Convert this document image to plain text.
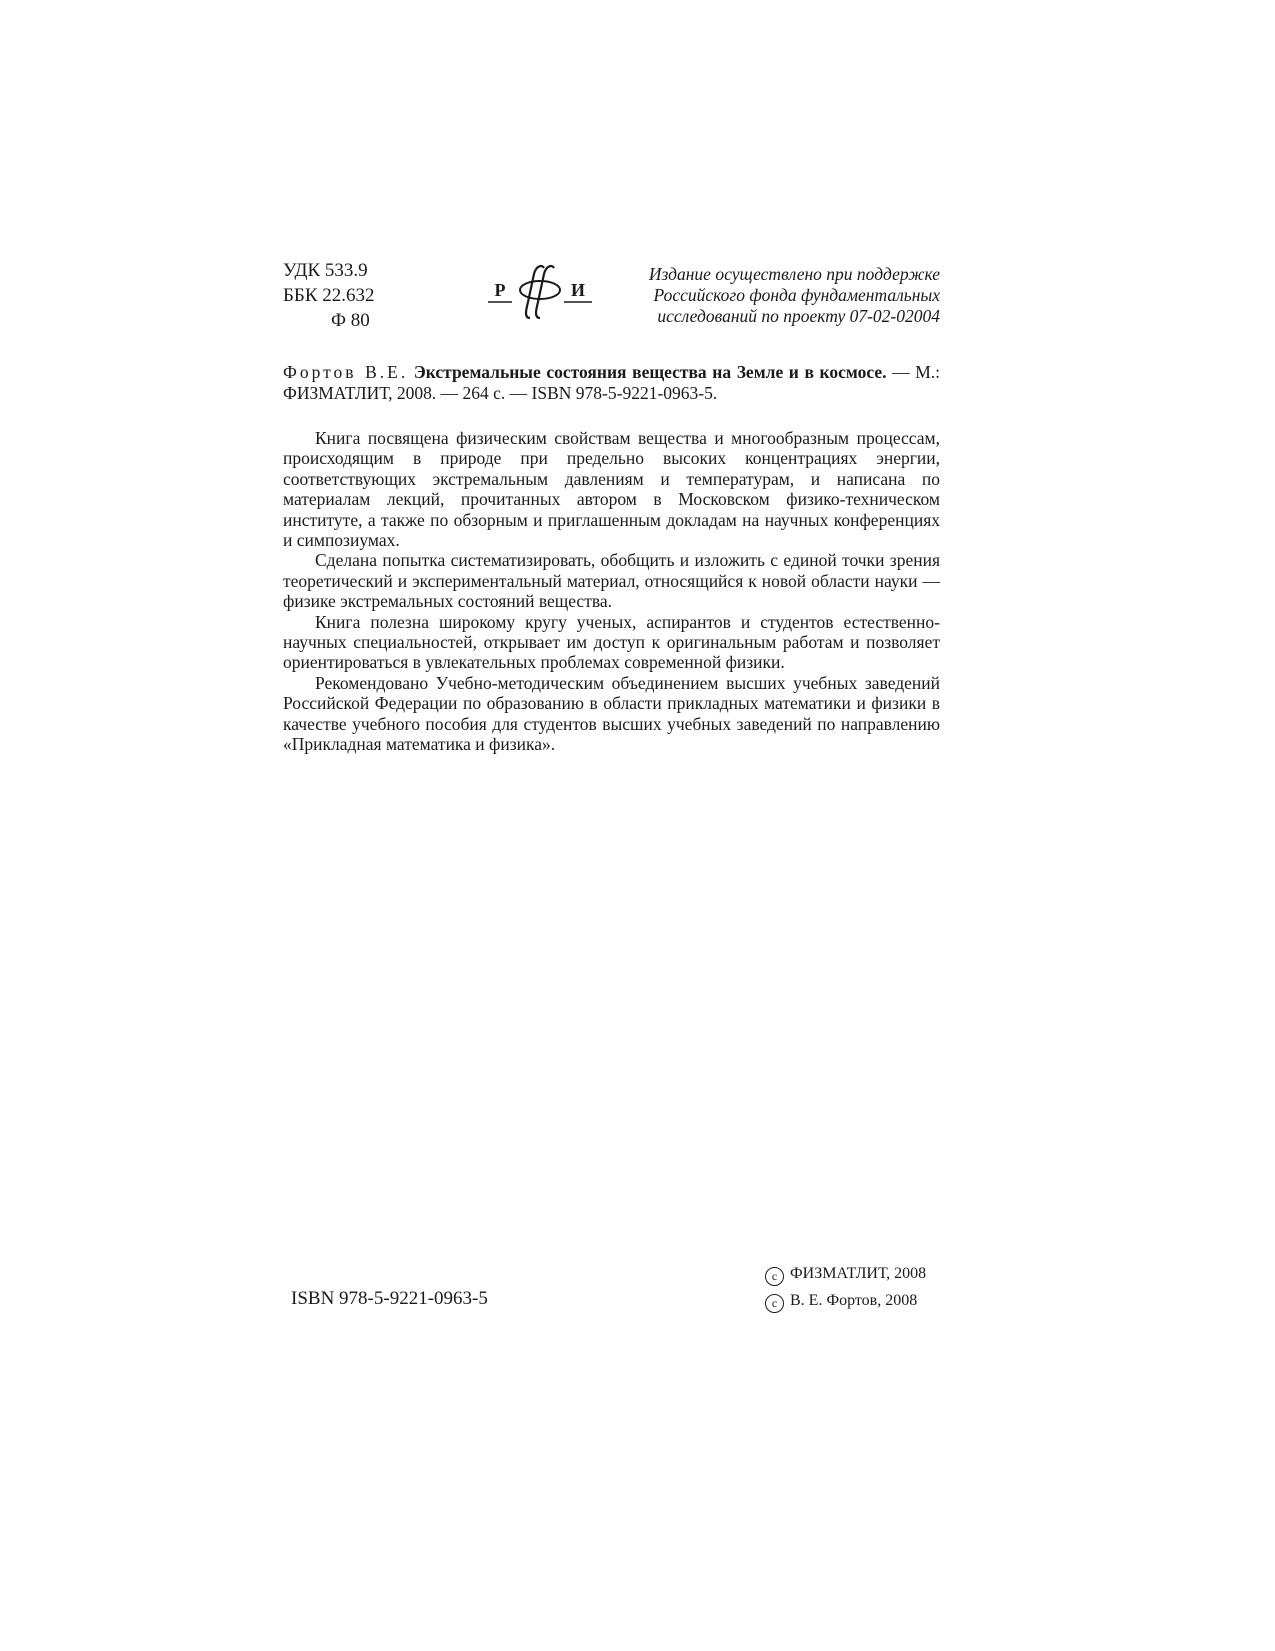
УДК 533.9
ББК 22.632
Ф 80
Р	И
Издание осуществлено при поддержке
Российского фонда фундаментальных
исследований по проекту 07-02-02004
Фортов В.Е. Экстремальные состояния вещества на Земле и в космосе. — М.: ФИЗМАТЛИТ, 2008. — 264 с. — ISBN 978-5-9221-0963-5.

Книга посвящена физическим свойствам вещества и многообразным процессам, происходящим в природе при предельно высоких концентрациях энергии, соответствующих экстремальным давлениям и температурам, и написана по материалам лекций, прочитанных автором в Московском физико-техническом институте, а также по обзорным и приглашенным докладам на научных конференциях и симпозиумах.

Сделана попытка систематизировать, обобщить и изложить с единой точки зрения теоретический и экспериментальный материал, относящийся к новой области науки — физике экстремальных состояний вещества.

Книга полезна широкому кругу ученых, аспирантов и студентов естественно-научных специальностей, открывает им доступ к оригинальным работам и позволяет ориентироваться в увлекательных проблемах современной физики.

Рекомендовано Учебно-методическим объединением высших учебных заведений Российской Федерации по образованию в области прикладных математики и физики в качестве учебного пособия для студентов высших учебных заведений по направлению «Прикладная математика и физика».

ISBN 978-5-9221-0963-5
c ФИЗМАТЛИТ, 2008
c В. Е. Фортов, 2008
